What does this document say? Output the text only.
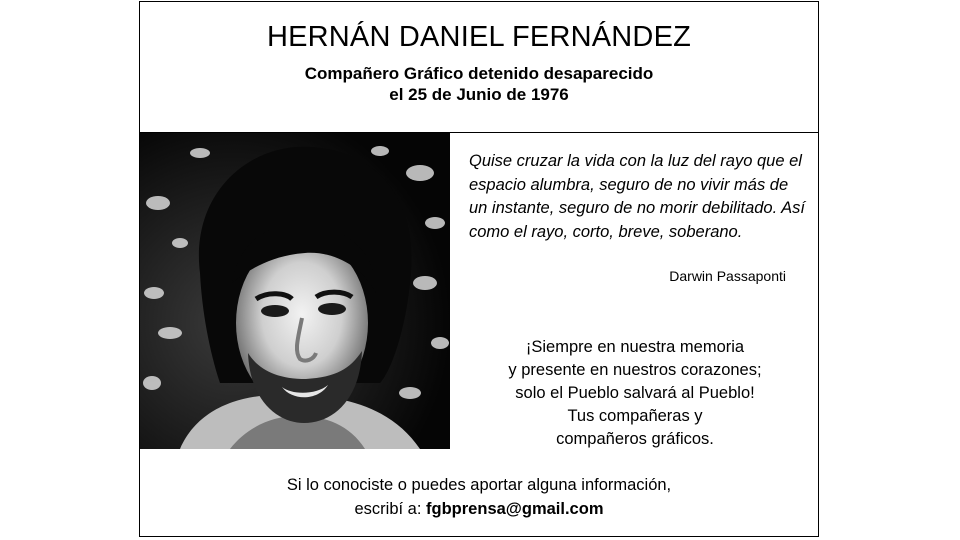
HERNÁN DANIEL FERNÁNDEZ
Compañero Gráfico detenido desaparecido
el 25 de Junio de 1976
Quise cruzar la vida con la luz del rayo que el espacio alumbra, seguro de no vivir más de un instante, seguro de no morir debilitado. Así como el rayo, corto, breve, soberano.
Darwin Passaponti
¡Siempre en nuestra memoria
y presente en nuestros corazones;
solo el Pueblo salvará al Pueblo!
Tus compañeras y
compañeros gráficos.
Si lo conociste o puedes aportar alguna información,
escribí a: fgbprensa@gmail.com
